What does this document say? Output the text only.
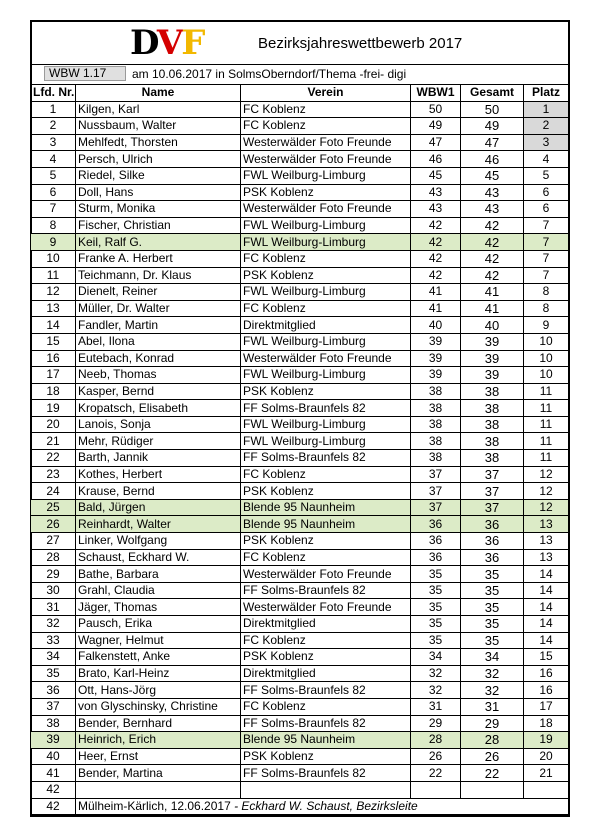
DVF	Bezirksjahreswettbewerb 2017
WBW 1.17	am 10.06.2017 in SolmsOberndorf/Thema -frei- digi
Lfd. Nr.	Name	Verein	WBW1	Gesamt	Platz
1	Kilgen, Karl	FC Koblenz	50	50	1
2	Nussbaum, Walter	FC Koblenz	49	49	2
3	Mehlfedt, Thorsten	Westerwälder Foto Freunde	47	47	3
4	Persch, Ulrich	Westerwälder Foto Freunde	46	46	4
5	Riedel, Silke	FWL Weilburg-Limburg	45	45	5
6	Doll, Hans	PSK Koblenz	43	43	6
7	Sturm, Monika	Westerwälder Foto Freunde	43	43	6
8	Fischer, Christian	FWL Weilburg-Limburg	42	42	7
9	Keil, Ralf G.	FWL Weilburg-Limburg	42	42	7
10	Franke A. Herbert	FC Koblenz	42	42	7
11	Teichmann, Dr. Klaus	PSK Koblenz	42	42	7
12	Dienelt, Reiner	FWL Weilburg-Limburg	41	41	8
13	Müller, Dr. Walter	FC Koblenz	41	41	8
14	Fandler, Martin	Direktmitglied	40	40	9
15	Abel, Ilona	FWL Weilburg-Limburg	39	39	10
16	Eutebach, Konrad	Westerwälder Foto Freunde	39	39	10
17	Neeb, Thomas	FWL Weilburg-Limburg	39	39	10
18	Kasper, Bernd	PSK Koblenz	38	38	11
19	Kropatsch, Elisabeth	FF Solms-Braunfels 82	38	38	11
20	Lanois, Sonja	FWL Weilburg-Limburg	38	38	11
21	Mehr, Rüdiger	FWL Weilburg-Limburg	38	38	11
22	Barth, Jannik	FF Solms-Braunfels 82	38	38	11
23	Kothes, Herbert	FC Koblenz	37	37	12
24	Krause, Bernd	PSK Koblenz	37	37	12
25	Bald, Jürgen	Blende 95 Naunheim	37	37	12
26	Reinhardt, Walter	Blende 95 Naunheim	36	36	13
27	Linker, Wolfgang	PSK Koblenz	36	36	13
28	Schaust, Eckhard W.	FC Koblenz	36	36	13
29	Bathe, Barbara	Westerwälder Foto Freunde	35	35	14
30	Grahl, Claudia	FF Solms-Braunfels 82	35	35	14
31	Jäger, Thomas	Westerwälder Foto Freunde	35	35	14
32	Pausch, Erika	Direktmitglied	35	35	14
33	Wagner, Helmut	FC Koblenz	35	35	14
34	Falkenstett, Anke	PSK Koblenz	34	34	15
35	Brato, Karl-Heinz	Direktmitglied	32	32	16
36	Ott, Hans-Jörg	FF Solms-Braunfels 82	32	32	16
37	von Glyschinsky, Christine	FC Koblenz	31	31	17
38	Bender, Bernhard	FF Solms-Braunfels 82	29	29	18
39	Heinrich, Erich	Blende 95 Naunheim	28	28	19
40	Heer, Ernst	PSK Koblenz	26	26	20
41	Bender, Martina	FF Solms-Braunfels 82	22	22	21
42					
42	Mülheim-Kärlich, 12.06.2017 - Eckhard W. Schaust, Bezirksleite				
